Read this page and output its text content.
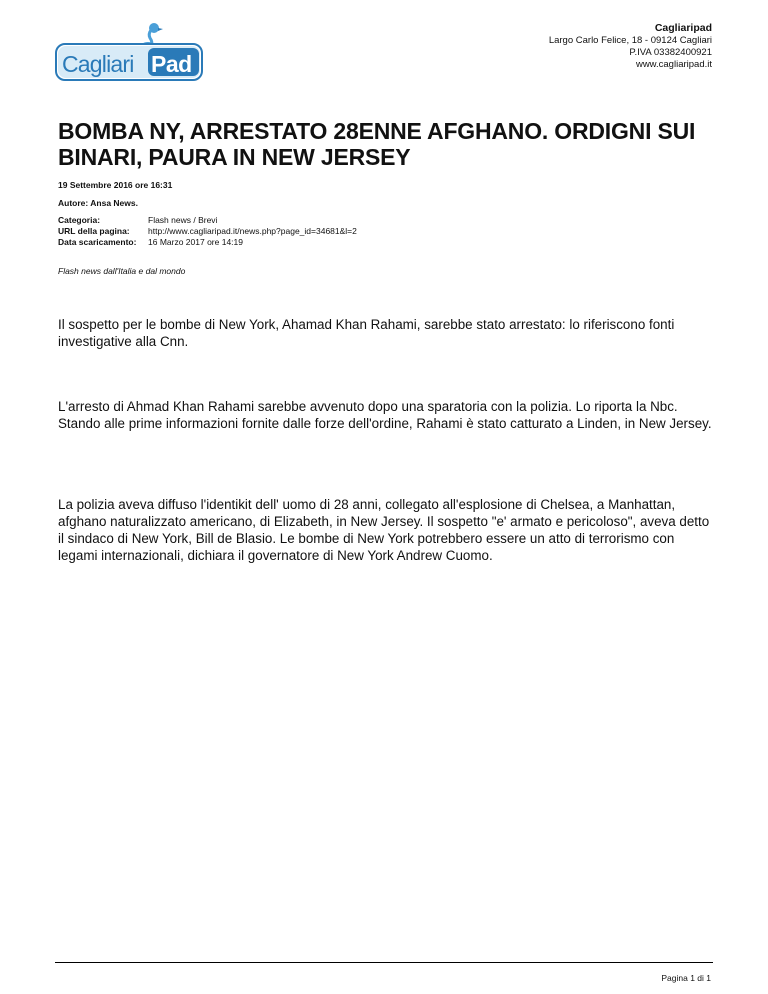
Cagliari Pad
Cagliaripad
Largo Carlo Felice, 18 - 09124 Cagliari
P.IVA 03382400921
www.cagliaripad.it
BOMBA NY, ARRESTATO 28ENNE AFGHANO. ORDIGNI SUI BINARI, PAURA IN NEW JERSEY
19 Settembre 2016 ore 16:31
Autore: Ansa News.
Categoria:	Flash news / Brevi
URL della pagina:	http://www.cagliaripad.it/news.php?page_id=34681&l=2
Data scaricamento:	16 Marzo 2017 ore 14:19
Flash news dall'Italia e dal mondo

Il sospetto per le bombe di New York, Ahamad Khan Rahami, sarebbe stato arrestato: lo riferiscono fonti investigative alla Cnn.

L'arresto di Ahmad Khan Rahami sarebbe avvenuto dopo una sparatoria con la polizia. Lo riporta la Nbc. Stando alle prime informazioni fornite dalle forze dell'ordine, Rahami è stato catturato a Linden, in New Jersey.

La polizia aveva diffuso l'identikit dell' uomo di 28 anni, collegato all'esplosione di Chelsea, a Manhattan, afghano naturalizzato americano, di Elizabeth, in New Jersey. Il sospetto "e' armato e pericoloso", aveva detto il sindaco di New York, Bill de Blasio. Le bombe di New York potrebbero essere un atto di terrorismo con legami internazionali, dichiara il governatore di New York Andrew Cuomo.

Pagina 1 di 1
